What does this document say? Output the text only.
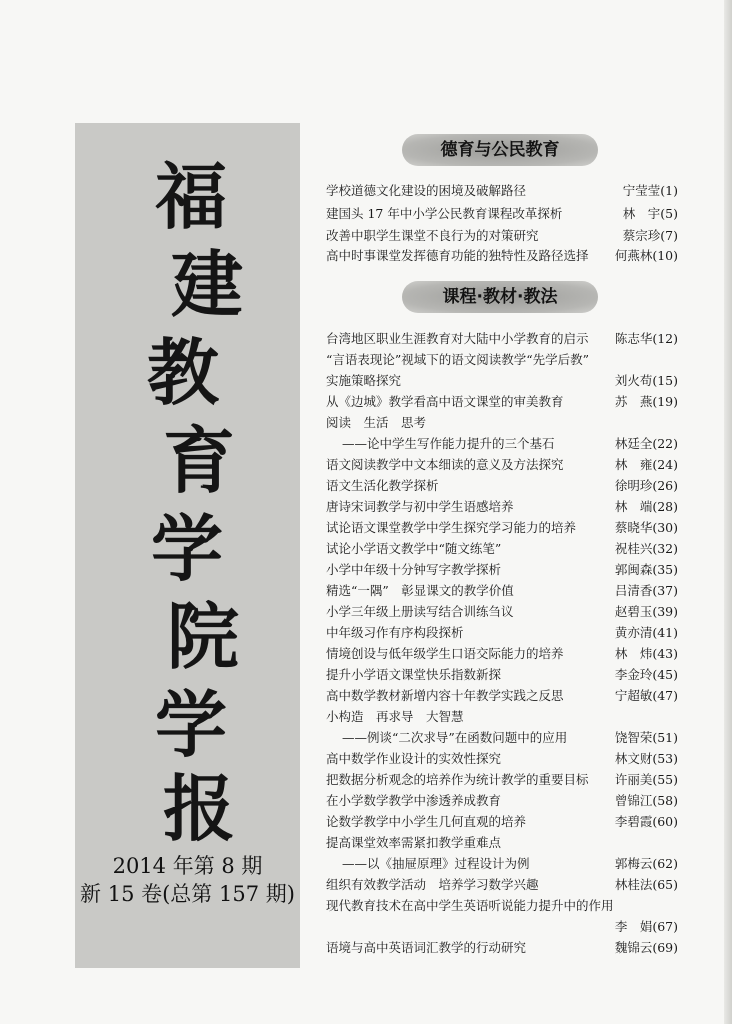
福
建
教
育
学
院
学
报
2014 年第 8 期
新 15 卷(总第 157 期)
德育与公民教育
学校道德文化建设的困境及破解路径	宁莹莹(1)
建国头 17 年中小学公民教育课程改革探析	林　宇(5)
改善中职学生课堂不良行为的对策研究	蔡宗珍(7)
高中时事课堂发挥德育功能的独特性及路径选择 何燕林(10)
课程·教材·教法
台湾地区职业生涯教育对大陆中小学教育的启示 陈志华(12)
“言语表现论”视域下的语文阅读教学“先学后教”
实施策略探究	刘火苟(15)
从《边城》教学看高中语文课堂的审美教育	苏　燕(19)
阅读　生活　思考
——论中学生写作能力提升的三个基石	林廷全(22)
语文阅读教学中文本细读的意义及方法探究	林　雍(24)
语文生活化教学探析	徐明珍(26)
唐诗宋词教学与初中学生语感培养	林　端(28)
试论语文课堂教学中学生探究学习能力的培养	蔡晓华(30)
试论小学语文教学中“随文练笔”	祝桂兴(32)
小学中年级十分钟写字教学探析	郭闽森(35)
精选“一隅”　彰显课文的教学价值	吕清香(37)
小学三年级上册读写结合训练刍议	赵碧玉(39)
中年级习作有序构段探析	黄亦清(41)
情境创设与低年级学生口语交际能力的培养	林　炜(43)
提升小学语文课堂快乐指数新探	李金玲(45)
高中数学教材新增内容十年教学实践之反思	宁超敏(47)
小构造　再求导　大智慧
——例谈“二次求导”在函数问题中的应用	饶智荣(51)
高中数学作业设计的实效性探究	林文财(53)
把数据分析观念的培养作为统计教学的重要目标 许丽美(55)
在小学数学教学中渗透养成教育	曾锦江(58)
论数学教学中小学生几何直观的培养	李碧霞(60)
提高课堂效率需紧扣教学重难点
——以《抽屉原理》过程设计为例	郭梅云(62)
组织有效教学活动　培养学习数学兴趣	林桂法(65)
现代教育技术在高中学生英语听说能力提升中的作用
李　娟(67)
语境与高中英语词汇教学的行动研究	魏锦云(69)
